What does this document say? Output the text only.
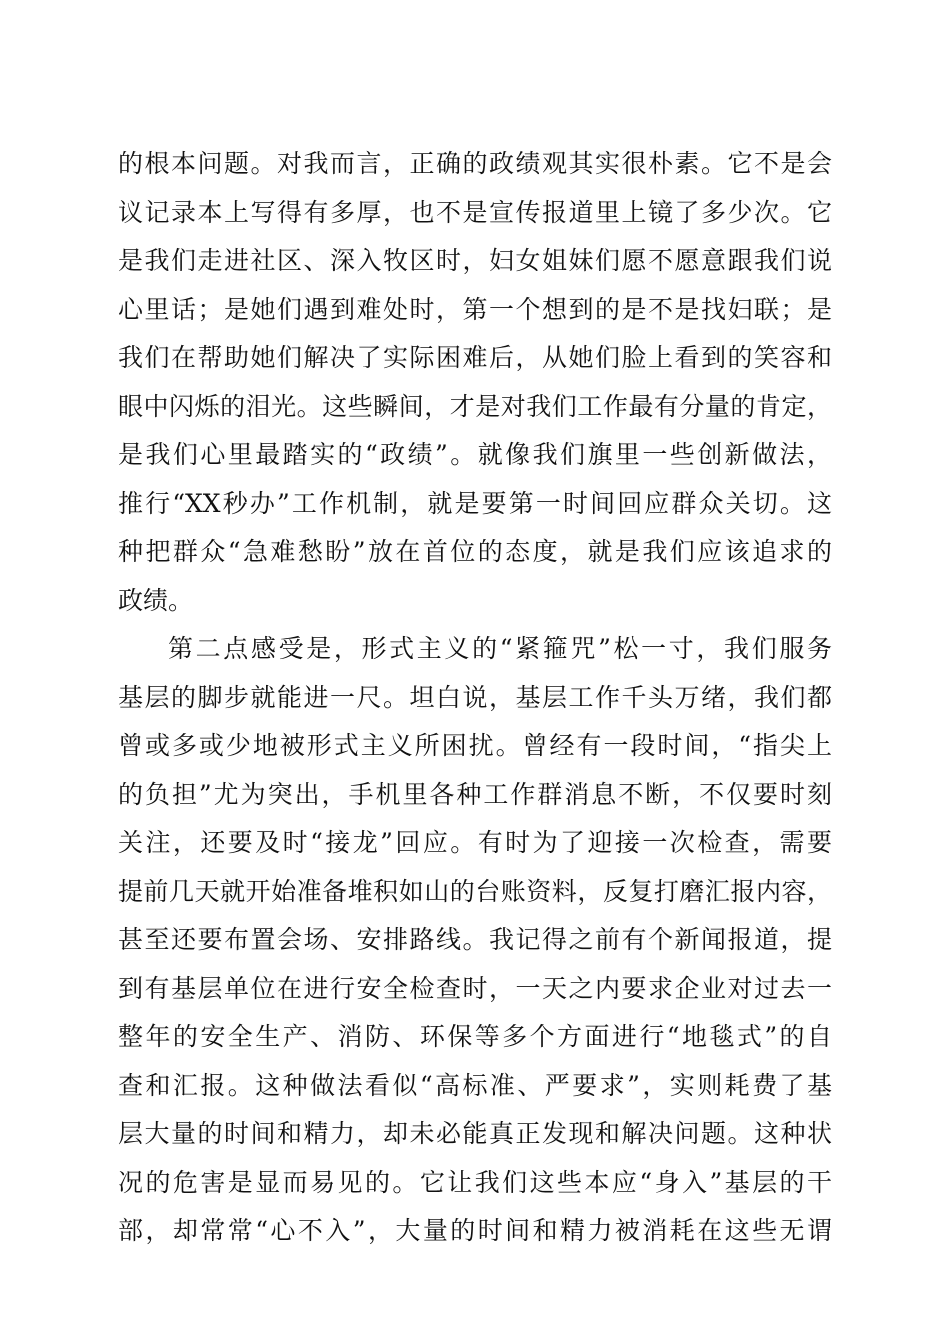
的根本问题。对我而言，正确的政绩观其实很朴素。它不是会
议记录本上写得有多厚，也不是宣传报道里上镜了多少次。它
是我们走进社区、深入牧区时，妇女姐妹们愿不愿意跟我们说
心里话；是她们遇到难处时，第一个想到的是不是找妇联；是
我们在帮助她们解决了实际困难后，从她们脸上看到的笑容和
眼中闪烁的泪光。这些瞬间，才是对我们工作最有分量的肯定，
是我们心里最踏实的“政绩”。就像我们旗里一些创新做法，
推行“XX秒办”工作机制，就是要第一时间回应群众关切。这
种把群众“急难愁盼”放在首位的态度，就是我们应该追求的
政绩。
第二点感受是，形式主义的“紧箍咒”松一寸，我们服务
基层的脚步就能进一尺。坦白说，基层工作千头万绪，我们都
曾或多或少地被形式主义所困扰。曾经有一段时间，“指尖上
的负担”尤为突出，手机里各种工作群消息不断，不仅要时刻
关注，还要及时“接龙”回应。有时为了迎接一次检查，需要
提前几天就开始准备堆积如山的台账资料，反复打磨汇报内容，
甚至还要布置会场、安排路线。我记得之前有个新闻报道，提
到有基层单位在进行安全检查时，一天之内要求企业对过去一
整年的安全生产、消防、环保等多个方面进行“地毯式”的自
查和汇报。这种做法看似“高标准、严要求”，实则耗费了基
层大量的时间和精力，却未必能真正发现和解决问题。这种状
况的危害是显而易见的。它让我们这些本应“身入”基层的干
部，却常常“心不入”，大量的时间和精力被消耗在这些无谓
